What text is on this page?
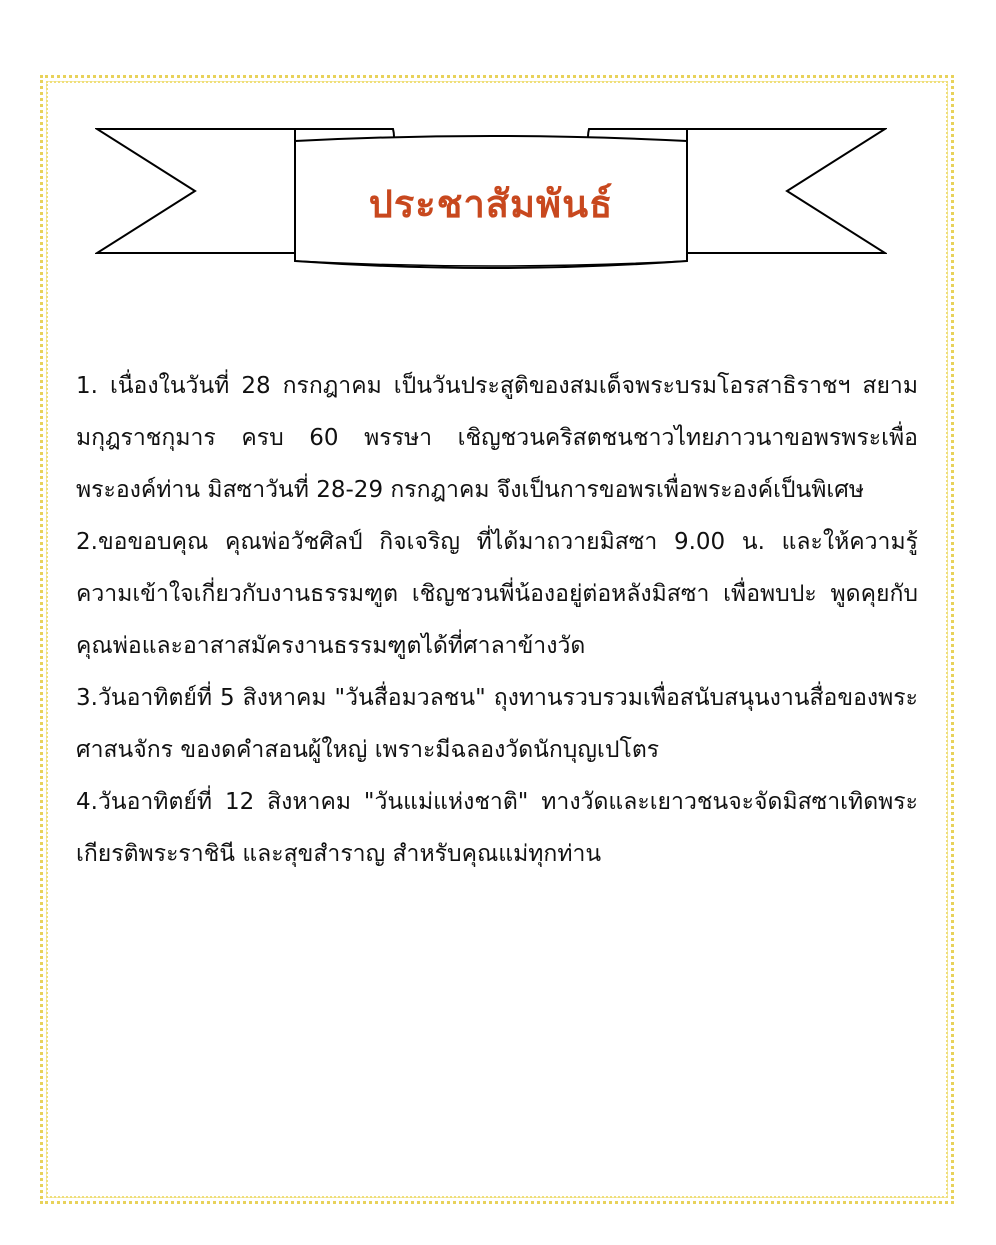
ประชาสัมพันธ์

1. เนื่องในวันที่ 28 กรกฎาคม เป็นวันประสูติของสมเด็จพระบรมโอรสาธิราชฯ สยามมกุฎราชกุมาร ครบ 60 พรรษา เชิญชวนคริสตชนชาวไทยภาวนาขอพรพระเพื่อพระองค์ท่าน มิสซาวันที่ 28-29 กรกฎาคม จึงเป็นการขอพรเพื่อพระองค์เป็นพิเศษ

2.ขอขอบคุณ คุณพ่อวัชศิลป์ กิจเจริญ ที่ได้มาถวายมิสซา 9.00 น. และให้ความรู้ ความเข้าใจเกี่ยวกับงานธรรมฑูต เชิญชวนพี่น้องอยู่ต่อหลังมิสซา เพื่อพบปะ พูดคุยกับคุณพ่อและอาสาสมัครงานธรรมฑูตได้ที่ศาลาข้างวัด

3.วันอาทิตย์ที่ 5 สิงหาคม "วันสื่อมวลชน" ถุงทานรวบรวมเพื่อสนับสนุนงานสื่อของพระศาสนจักร ของดคำสอนผู้ใหญ่ เพราะมีฉลองวัดนักบุญเปโตร

4.วันอาทิตย์ที่ 12 สิงหาคม "วันแม่แห่งชาติ" ทางวัดและเยาวชนจะจัดมิสซาเทิดพระเกียรติพระราชินี และสุขสำราญ สำหรับคุณแม่ทุกท่าน
